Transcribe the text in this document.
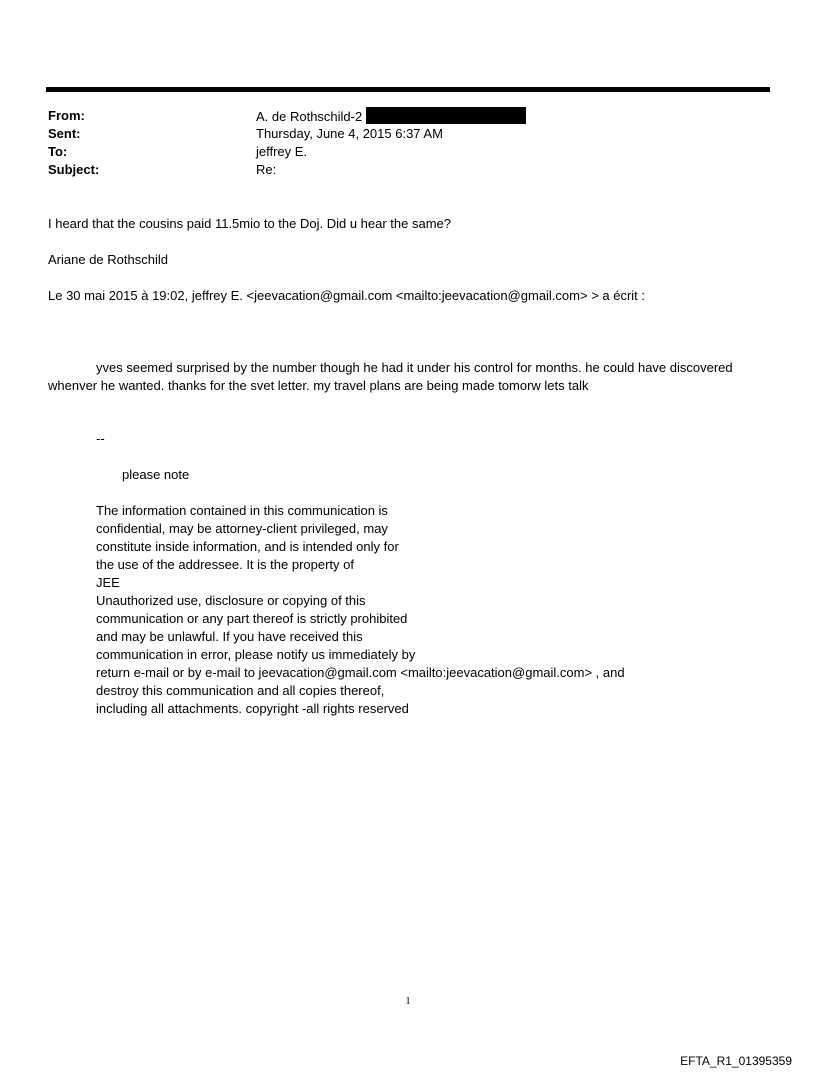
From:	A. de Rothschild-2
Sent:	Thursday, June 4, 2015 6:37 AM
To:	jeffrey E.
Subject:	Re:
I heard that the cousins paid 11.5mio to the Doj. Did u hear the same?
Ariane de Rothschild
Le 30 mai 2015 à 19:02, jeffrey E. <jeevacation@gmail.com <mailto:jeevacation@gmail.com> > a écrit :
yves seemed surprised by the number though he had it under his control for months. he could have discovered whenver he wanted. thanks for the svet letter. my travel plans are being made tomorw lets talk
--
please note
The information contained in this communication is
confidential, may be attorney-client privileged, may
constitute inside information, and is intended only for
the use of the addressee. It is the property of
JEE
Unauthorized use, disclosure or copying of this
communication or any part thereof is strictly prohibited
and may be unlawful. If you have received this
communication in error, please notify us immediately by
return e-mail or by e-mail to jeevacation@gmail.com <mailto:jeevacation@gmail.com> , and
destroy this communication and all copies thereof,
including all attachments. copyright -all rights reserved
1
EFTA_R1_01395359
